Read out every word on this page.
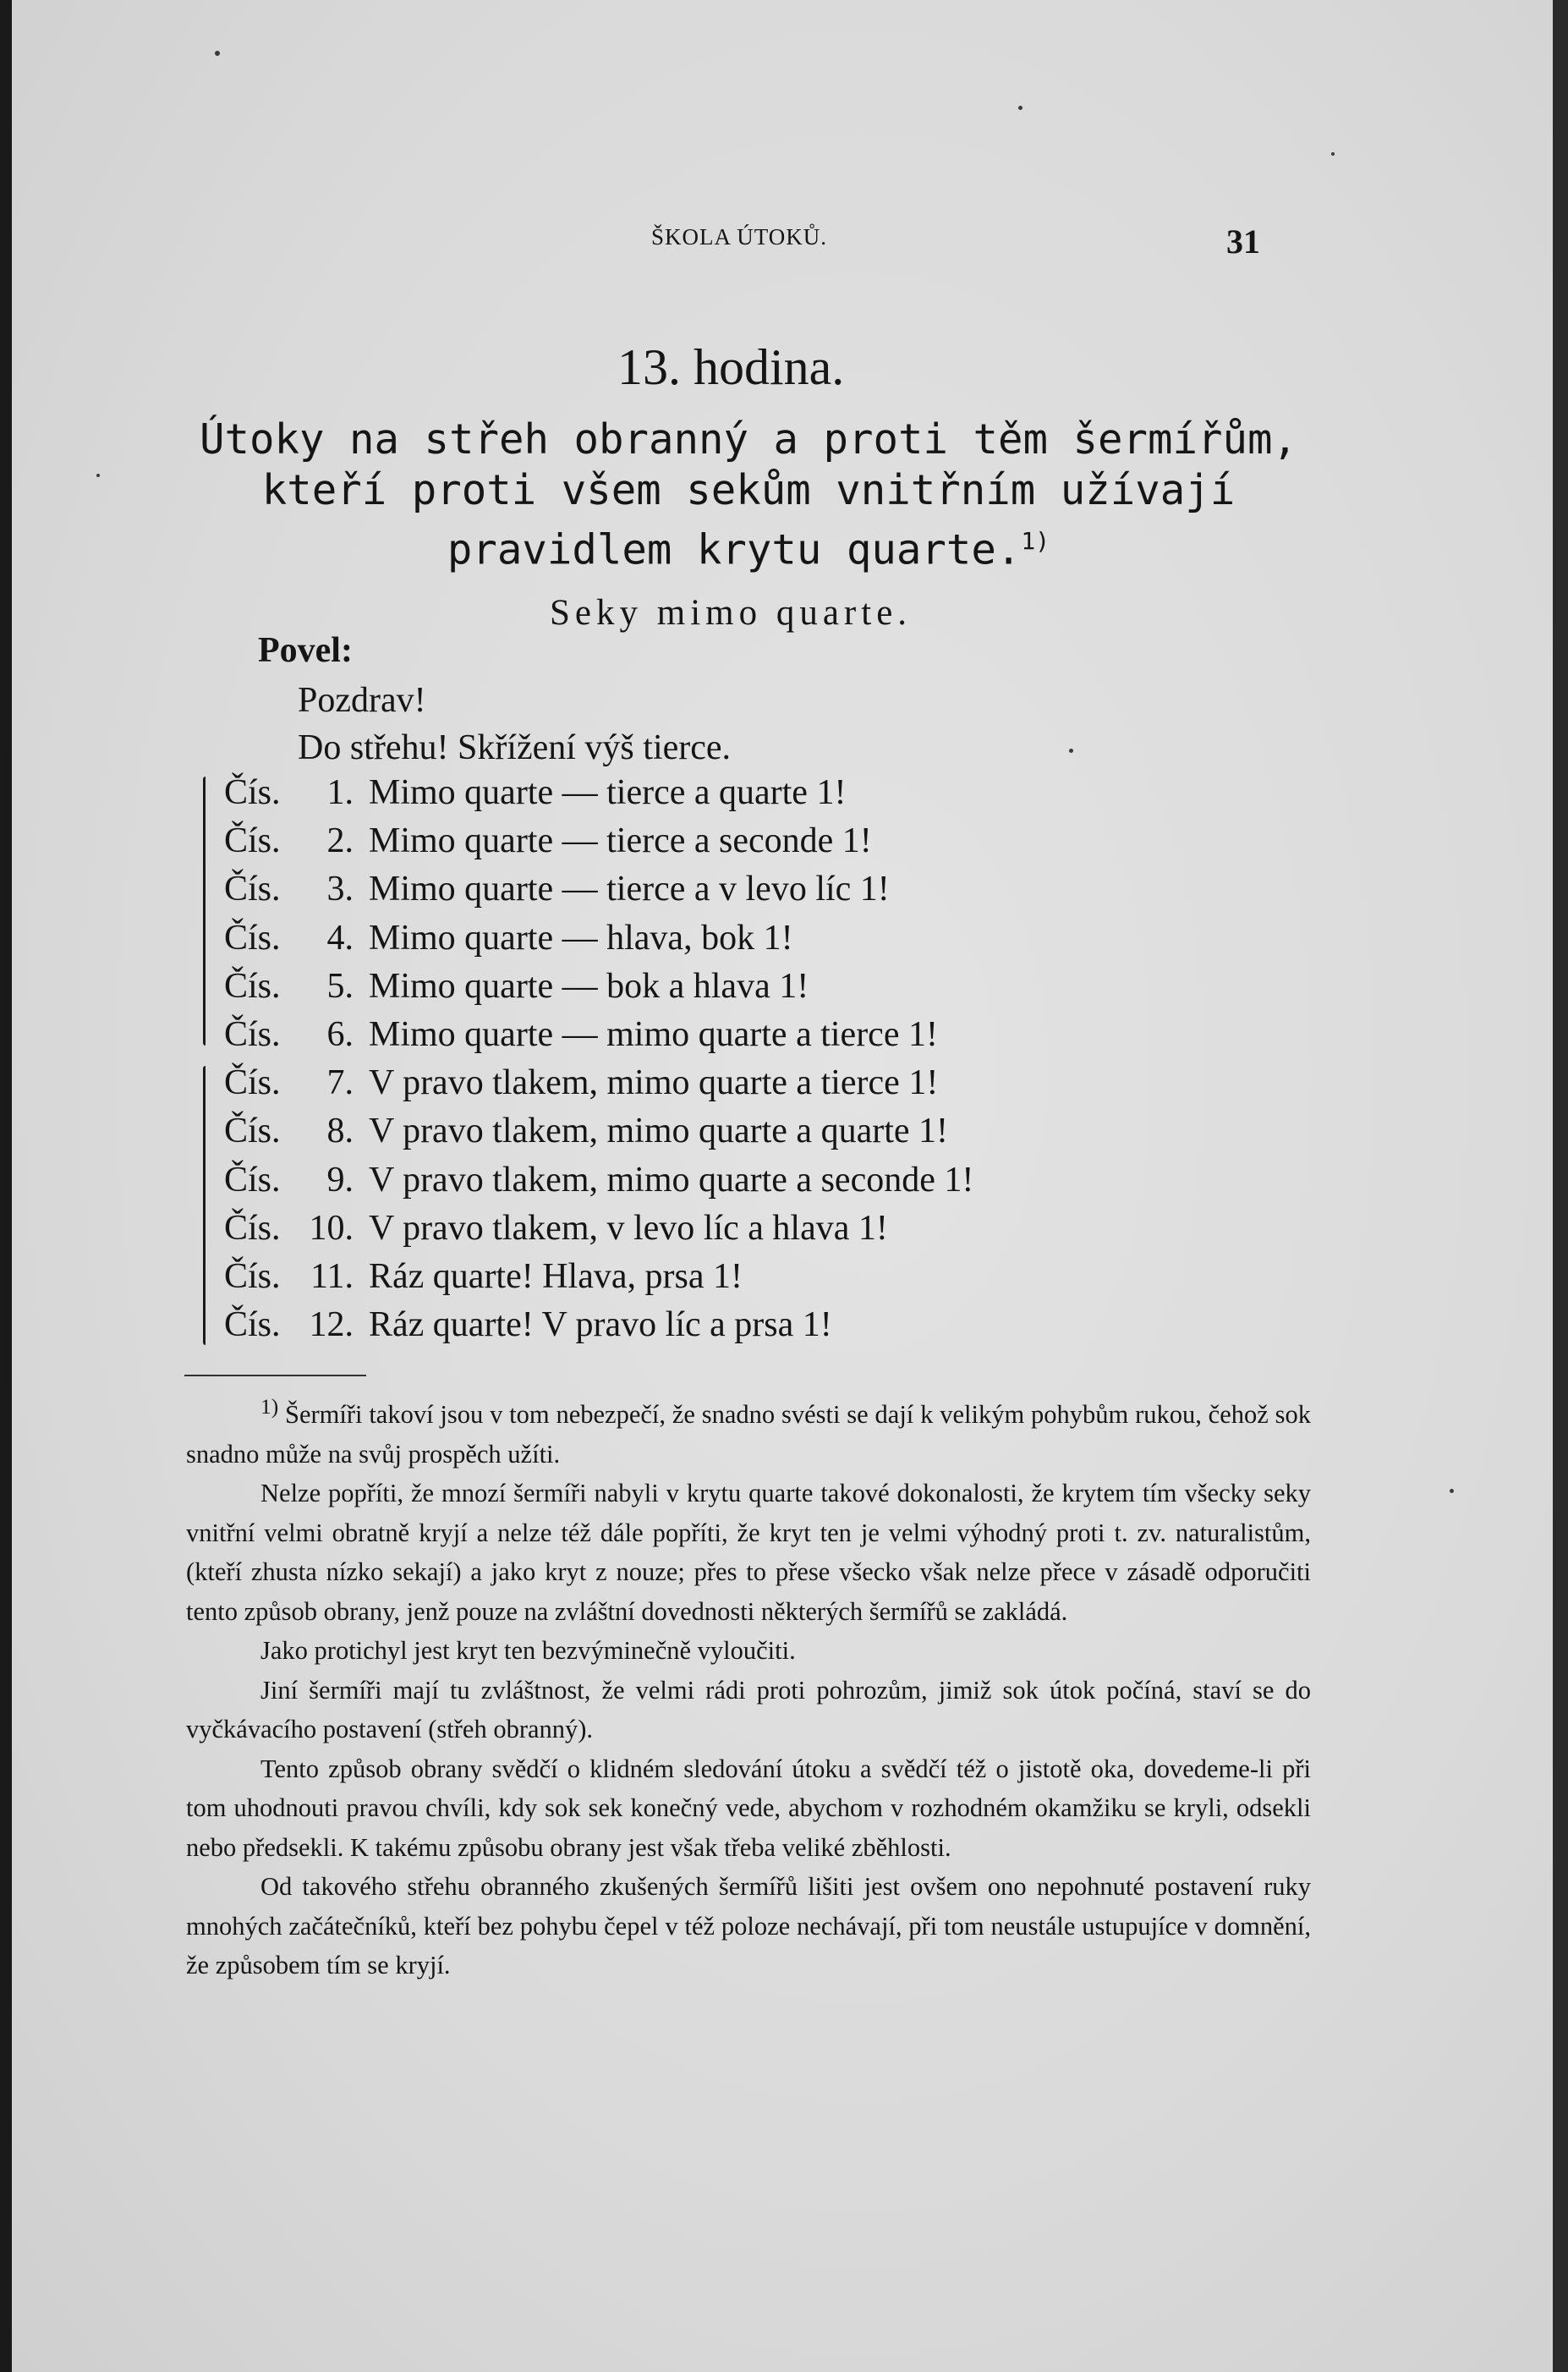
ŠKOLA ÚTOKŮ.	31
13. hodina.
Útoky na střeh obranný a proti těm šermířům, kteří proti všem sekům vnitřním užívají pravidlem krytu quarte.$^{1)}$
Seky mimo quarte.
Povel:
Pozdrav!
Do střehu! Skřížení výš tierce.
Čís.	1. Mimo quarte — tierce a quarte 1!
Čís.	2. Mimo quarte — tierce a seconde 1!
Čís.	3. Mimo quarte — tierce a v levo líc 1!
Čís.	4. Mimo quarte — hlava, bok 1!
Čís.	5. Mimo quarte — bok a hlava 1!
Čís.	6. Mimo quarte — mimo quarte a tierce 1!
Čís.	7. V pravo tlakem, mimo quarte a tierce 1!
Čís.	8. V pravo tlakem, mimo quarte a quarte 1!
Čís.	9. V pravo tlakem, mimo quarte a seconde 1!
Čís. 10. V pravo tlakem, v levo líc a hlava 1!
Čís. 11. Ráz quarte! Hlava, prsa 1!
Čís. 12. Ráz quarte! V pravo líc a prsa 1!

$^{1)}$ Šermíři takoví jsou v tom nebezpečí, že snadno svésti se dají k velikým pohybům rukou, čehož sok snadno může na svůj prospěch užíti.

Nelze popříti, že mnozí šermíři nabyli v krytu quarte takové dokonalosti, že krytem tím všecky seky vnitřní velmi obratně kryjí a nelze též dále popříti, že kryt ten je velmi výhodný proti t. zv. naturalistům, (kteří zhusta nízko sekají) a jako kryt z nouze; přes to přese všecko však nelze přece v zásadě odporučiti tento způsob obrany, jenž pouze na zvláštní dovednosti některých šermířů se zakládá.

Jako protichyl jest kryt ten bezvýminečně vyloučiti.

Jiní šermíři mají tu zvláštnost, že velmi rádi proti pohrozům, jimiž sok útok počíná, staví se do vyčkávacího postavení (střeh obranný).

Tento způsob obrany svědčí o klidném sledování útoku a svědčí též o jistotě oka, dovedeme-li při tom uhodnouti pravou chvíli, kdy sok sek konečný vede, abychom v rozhodném okamžiku se kryli, odsekli nebo předsekli. K takému způsobu obrany jest však třeba veliké zběhlosti.

Od takového střehu obranného zkušených šermířů lišiti jest ovšem ono nepohnuté postavení ruky mnohých začátečníků, kteří bez pohybu čepel v též poloze nechávají, při tom neustále ustupujíce v domnění, že způsobem tím se kryjí.
